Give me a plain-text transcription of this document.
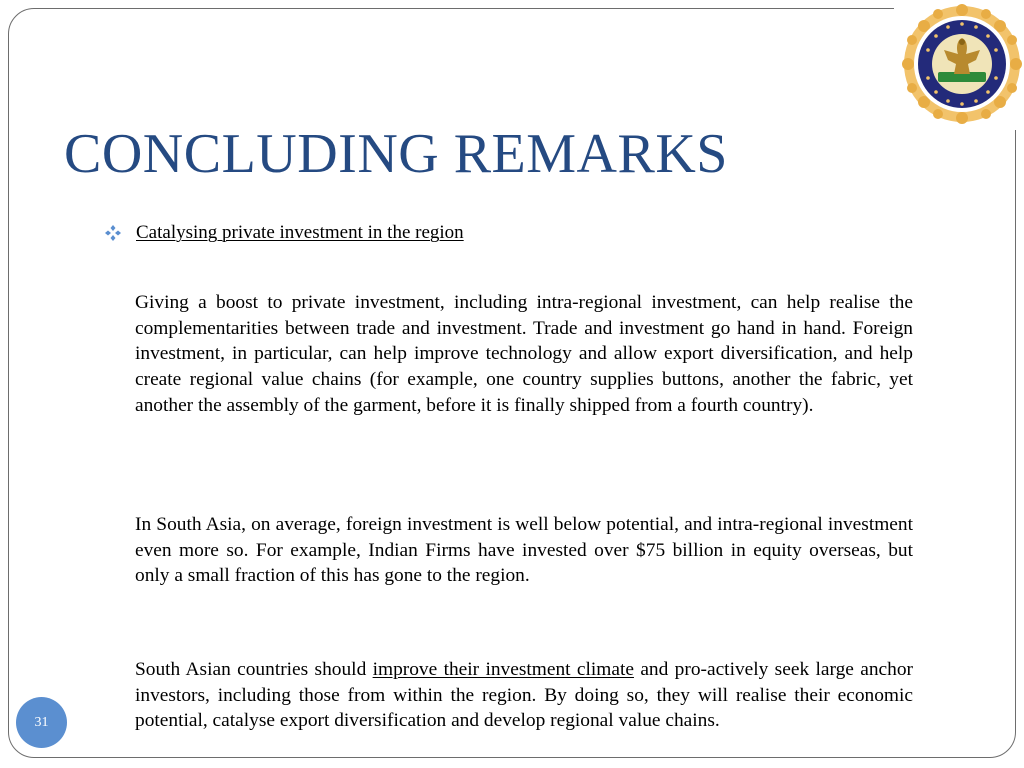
CONCLUDING REMARKS
Catalysing private investment in the region

Giving a boost to private investment, including intra-regional investment, can help realise the complementarities between trade and investment. Trade and investment go hand in hand. Foreign investment, in particular, can help improve technology and allow export diversification, and help create regional value chains (for example, one country supplies buttons, another the fabric, yet another the assembly of the garment, before it is finally shipped from a fourth country).

In South Asia, on average, foreign investment is well below potential, and intra-regional investment even more so. For example, Indian Firms have invested over $75 billion in equity overseas, but only a small fraction of this has gone to the region.

South Asian countries should improve their investment climate and pro-actively seek large anchor investors, including those from within the region. By doing so, they will realise their economic potential, catalyse export diversification and develop regional value chains.

31
